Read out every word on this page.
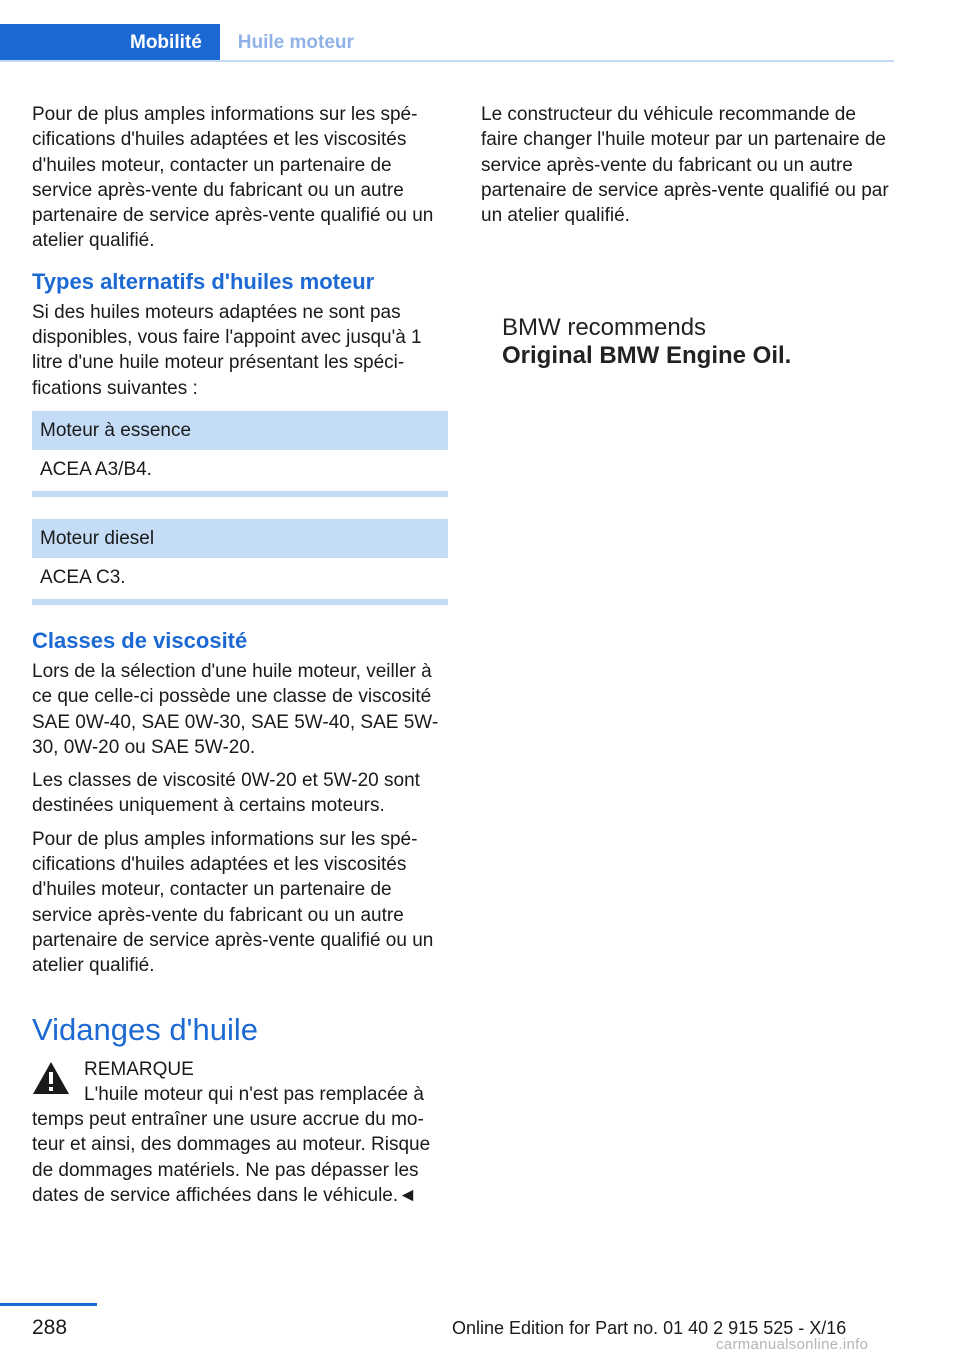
Mobilité	Huile moteur

Pour de plus amples informations sur les spécifications d'huiles adaptées et les viscosités d'huiles moteur, contacter un partenaire de service après-vente du fabricant ou un autre partenaire de service après-vente qualifié ou un atelier qualifié.

Types alternatifs d'huiles moteur

Si des huiles moteurs adaptées ne sont pas disponibles, vous faire l'appoint avec jusqu'à 1 litre d'une huile moteur présentant les spécifications suivantes :

Moteur à essence
ACEA A3/B4.
Moteur diesel
ACEA C3.
Classes de viscosité

Lors de la sélection d'une huile moteur, veiller à ce que celle-ci possède une classe de viscosité SAE 0W-40, SAE 0W-30, SAE 5W-40, SAE 5W-30, 0W-20 ou SAE 5W-20.

Les classes de viscosité 0W-20 et 5W-20 sont destinées uniquement à certains moteurs.

Pour de plus amples informations sur les spécifications d'huiles adaptées et les viscosités d'huiles moteur, contacter un partenaire de service après-vente du fabricant ou un autre partenaire de service après-vente qualifié ou un atelier qualifié.

Vidanges d'huile
REMARQUE

L'huile moteur qui n'est pas remplacée à temps peut entraîner une usure accrue du moteur et ainsi, des dommages au moteur. Risque de dommages matériels. Ne pas dépasser les dates de service affichées dans le véhicule.◄

Le constructeur du véhicule recommande de faire changer l'huile moteur par un partenaire de service après-vente du fabricant ou un autre partenaire de service après-vente qualifié ou par un atelier qualifié.

BMW recommends
Original BMW Engine Oil.
288	Online Edition for Part no. 01 40 2 915 525 - X/16
carmanualsonline.info
